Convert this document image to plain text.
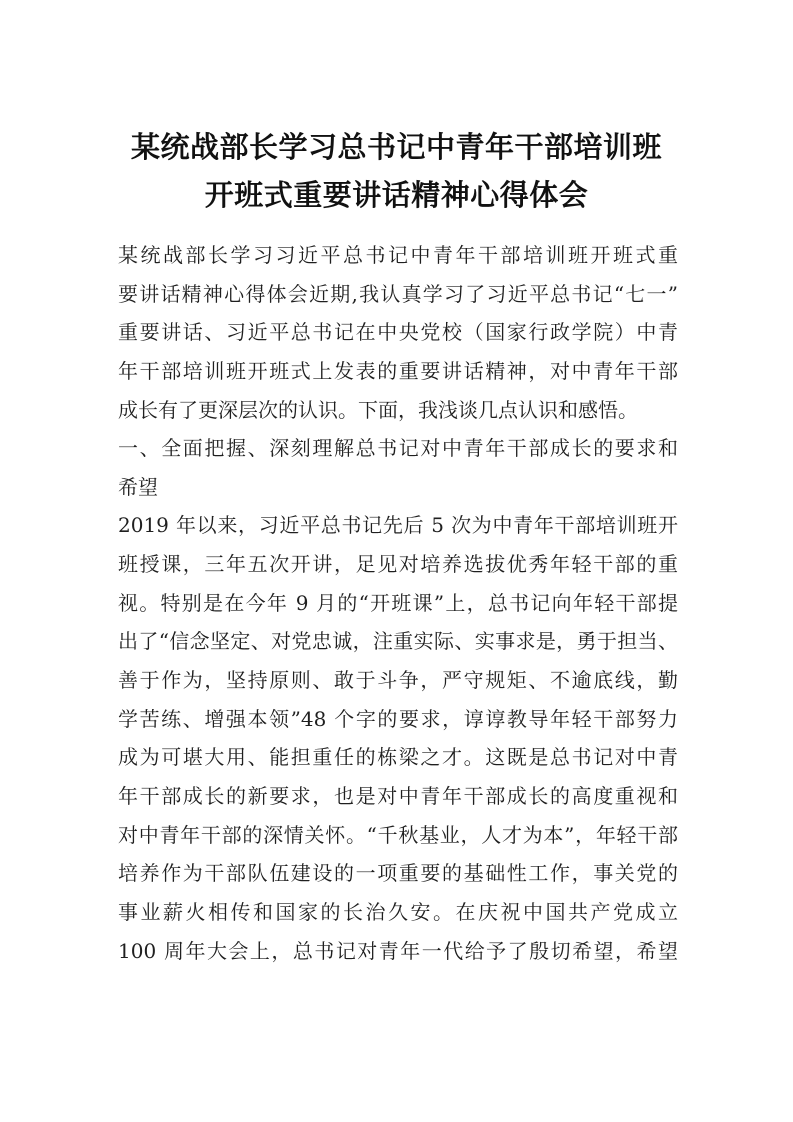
某统战部长学习总书记中青年干部培训班
开班式重要讲话精神心得体会
某统战部长学习习近平总书记中青年干部培训班开班式重
要讲话精神心得体会近期,我认真学习了习近平总书记“七一”
重要讲话、习近平总书记在中央党校（国家行政学院）中青
年干部培训班开班式上发表的重要讲话精神，对中青年干部
成长有了更深层次的认识。下面，我浅谈几点认识和感悟。
一、全面把握、深刻理解总书记对中青年干部成长的要求和
希望
2019 年以来，习近平总书记先后 5 次为中青年干部培训班开
班授课，三年五次开讲，足见对培养选拔优秀年轻干部的重
视。特别是在今年 9 月的“开班课”上，总书记向年轻干部提
出了“信念坚定、对党忠诚，注重实际、实事求是，勇于担当、
善于作为，坚持原则、敢于斗争，严守规矩、不逾底线，勤
学苦练、增强本领”48 个字的要求，谆谆教导年轻干部努力
成为可堪大用、能担重任的栋梁之才。这既是总书记对中青
年干部成长的新要求，也是对中青年干部成长的高度重视和
对中青年干部的深情关怀。“千秋基业，人才为本”，年轻干部
培养作为干部队伍建设的一项重要的基础性工作，事关党的
事业薪火相传和国家的长治久安。在庆祝中国共产党成立
100 周年大会上，总书记对青年一代给予了殷切希望，希望
